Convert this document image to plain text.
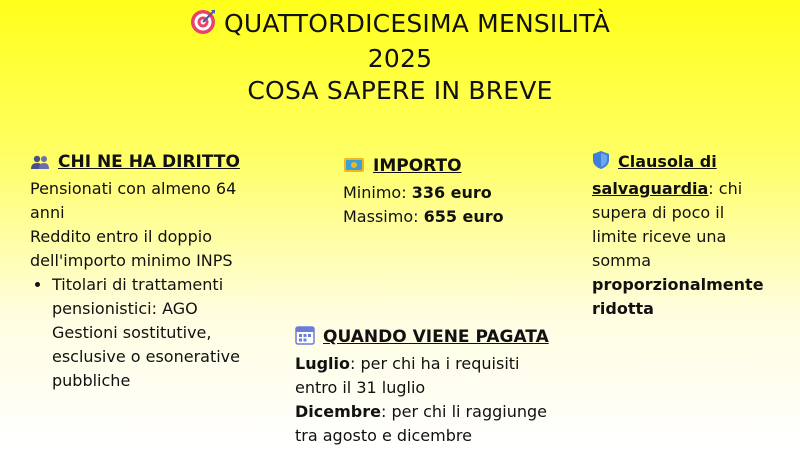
QUATTORDICESIMA MENSILITÀ
2025
COSA SAPERE IN BREVE
CHI NE HA DIRITTO
Pensionati con almeno 64
anni
Reddito entro il doppio
dell'importo minimo INPS
• Titolari di trattamenti
pensionistici: AGO
Gestioni sostitutive,
esclusive o esonerative
pubbliche
IMPORTO
Minimo: 336 euro
Massimo: 655 euro
Clausola di
salvaguardia: chi
supera di poco il
limite riceve una
somma
proporzionalmente
ridotta
QUANDO VIENE PAGATA
Luglio: per chi ha i requisiti
entro il 31 luglio
Dicembre: per chi li raggiunge
tra agosto e dicembre
